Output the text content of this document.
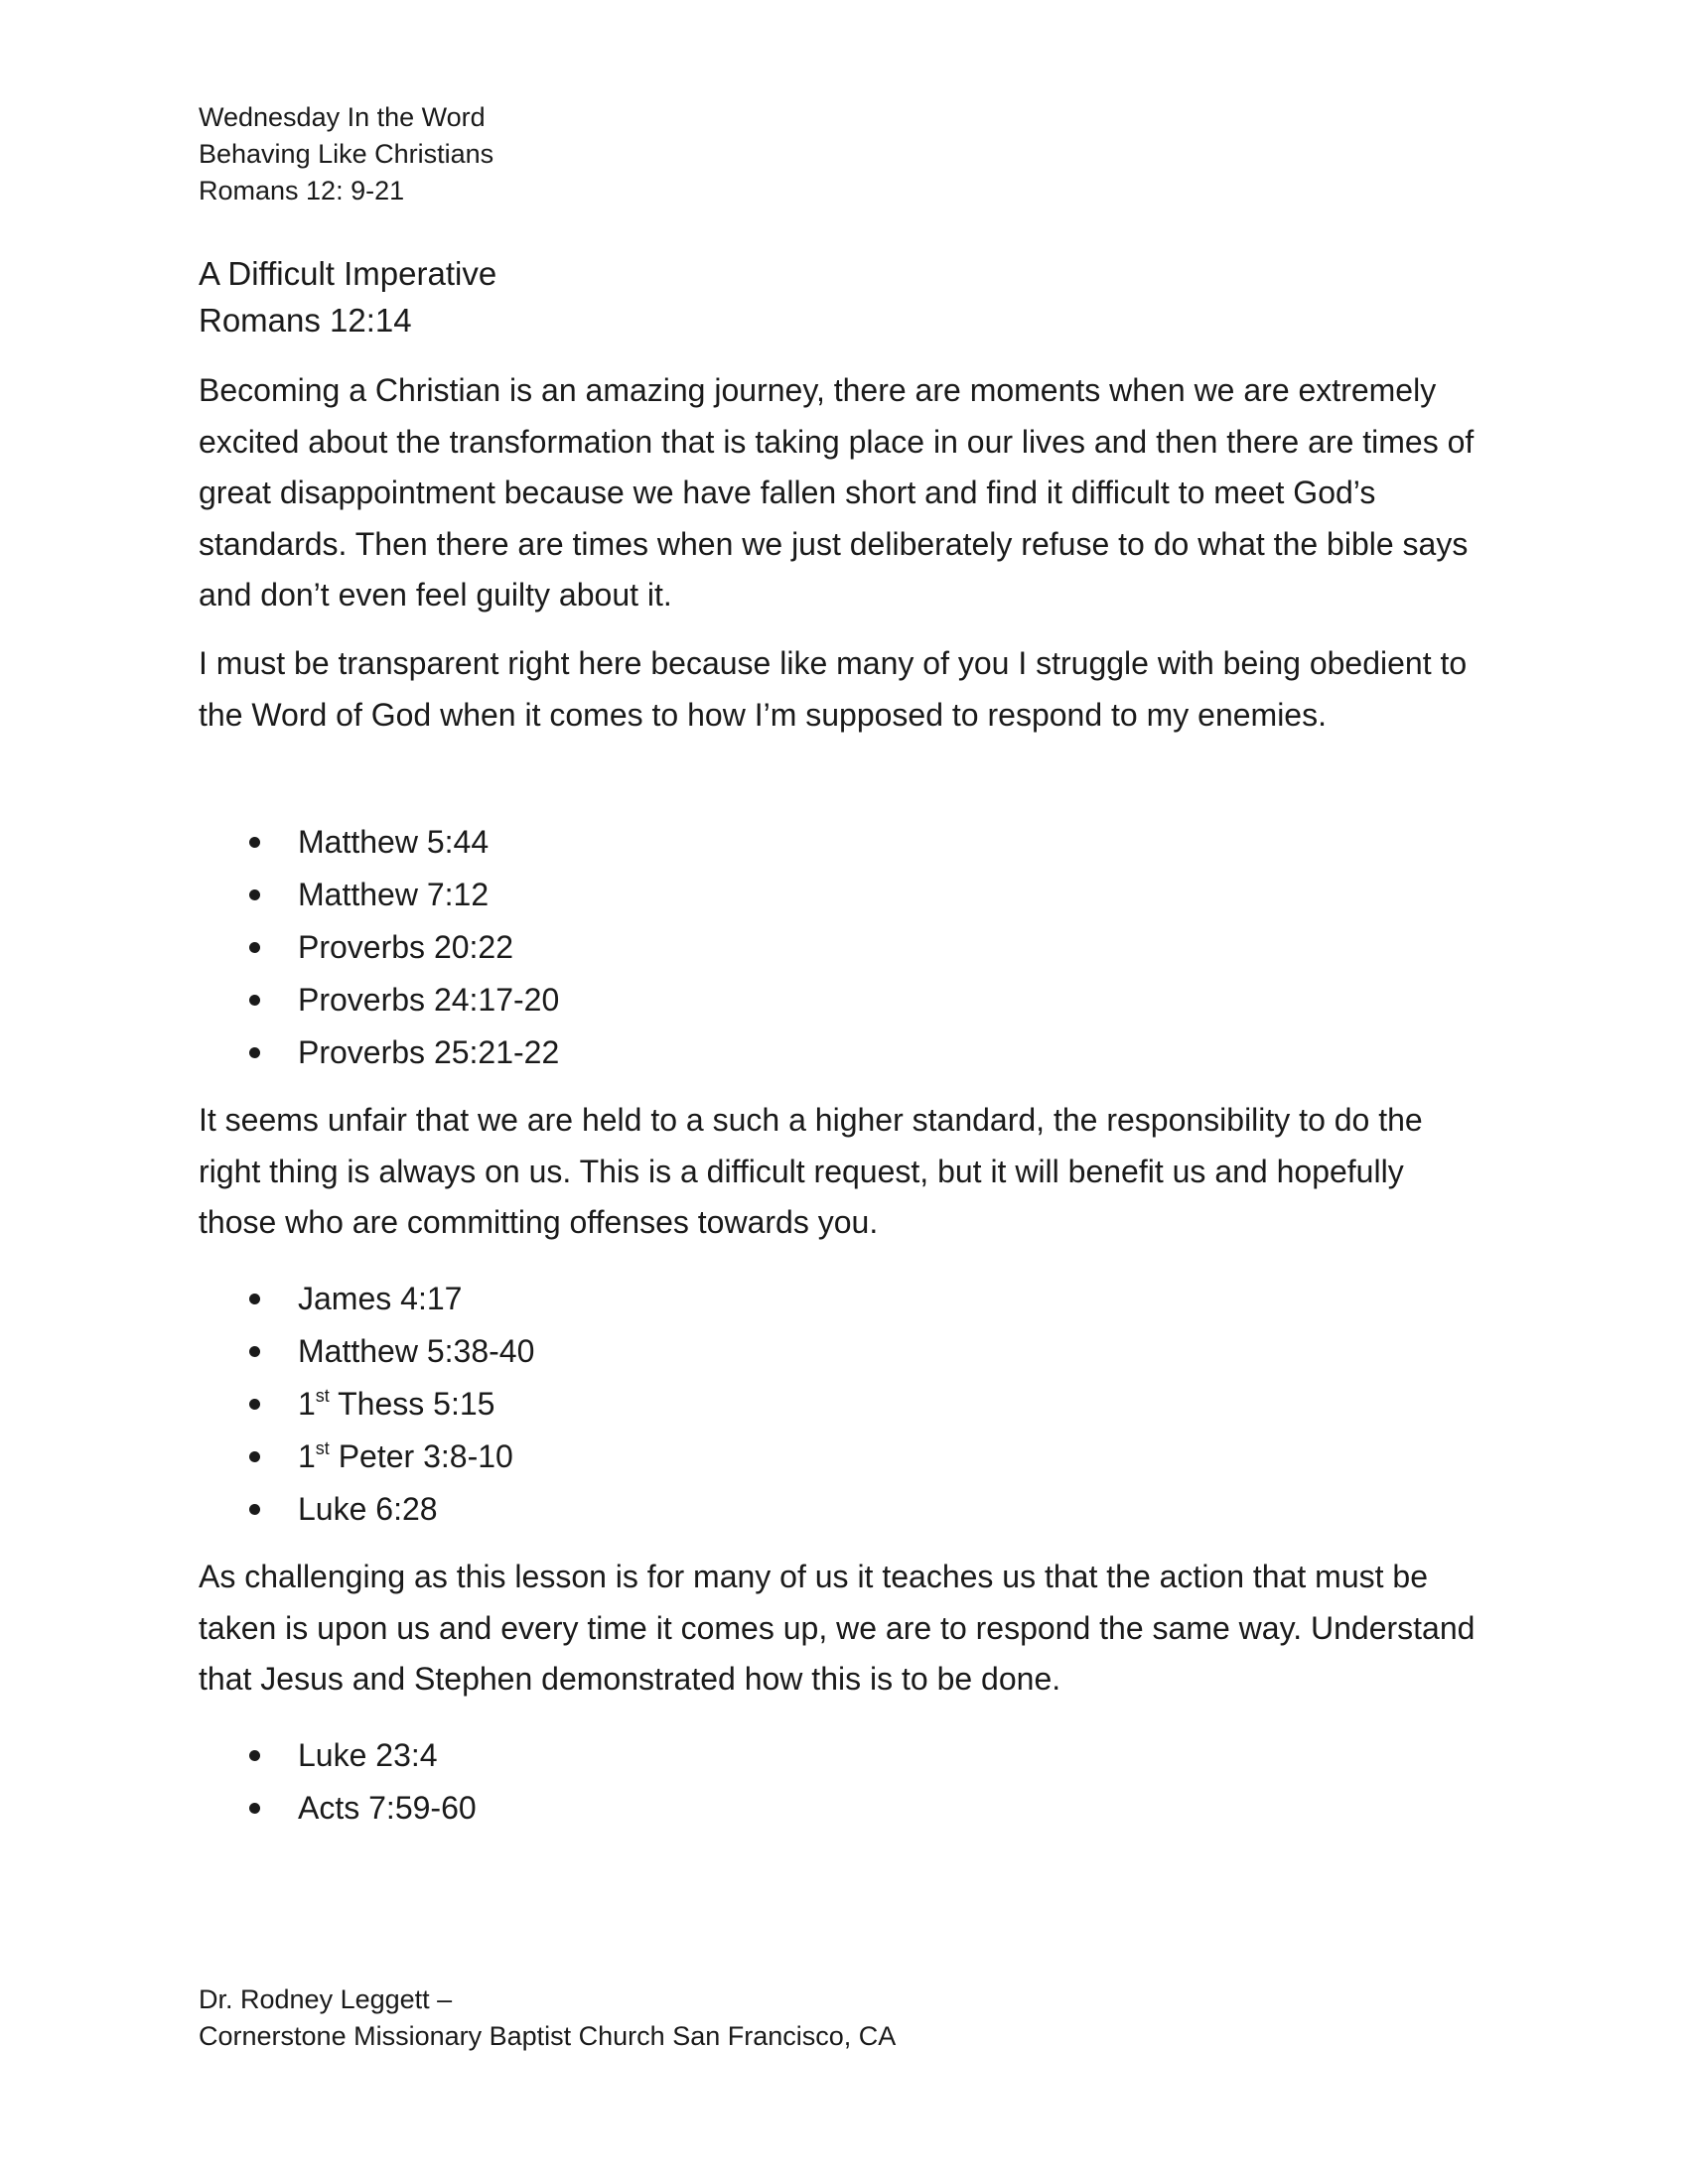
Wednesday In the Word
Behaving Like Christians
Romans 12: 9-21
A Difficult Imperative
Romans 12:14

Becoming a Christian is an amazing journey, there are moments when we are extremely excited about the transformation that is taking place in our lives and then there are times of great disappointment because we have fallen short and find it difficult to meet God’s standards. Then there are times when we just deliberately refuse to do what the bible says and don’t even feel guilty about it.

I must be transparent right here because like many of you I struggle with being obedient to the Word of God when it comes to how I’m supposed to respond to my enemies.

Matthew 5:44
Matthew 7:12
Proverbs 20:22
Proverbs 24:17-20
Proverbs 25:21-22

It seems unfair that we are held to a such a higher standard, the responsibility to do the right thing is always on us. This is a difficult request, but it will benefit us and hopefully those who are committing offenses towards you.

James 4:17
Matthew 5:38-40
1st Thess 5:15
1st Peter 3:8-10
Luke 6:28

As challenging as this lesson is for many of us it teaches us that the action that must be taken is upon us and every time it comes up, we are to respond the same way. Understand that Jesus and Stephen demonstrated how this is to be done.

Luke 23:4
Acts 7:59-60
Dr. Rodney Leggett –
Cornerstone Missionary Baptist Church San Francisco, CA
